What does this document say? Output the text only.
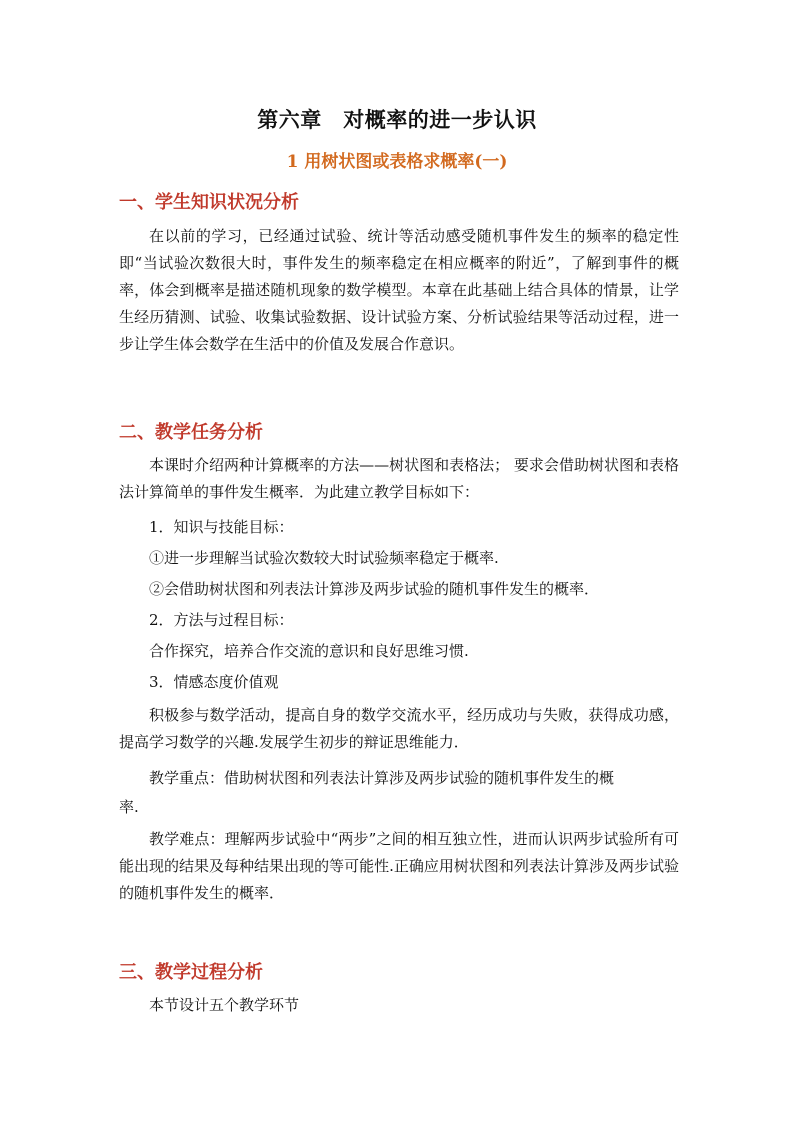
第六章　对概率的进一步认识
1 用树状图或表格求概率(一)
一、学生知识状况分析
在以前的学习，已经通过试验、统计等活动感受随机事件发生的频率的稳定性即“当试验次数很大时，事件发生的频率稳定在相应概率的附近”，了解到事件的概率，体会到概率是描述随机现象的数学模型。本章在此基础上结合具体的情景，让学生经历猜测、试验、收集试验数据、设计试验方案、分析试验结果等活动过程，进一步让学生体会数学在生活中的价值及发展合作意识。
二、教学任务分析
本课时介绍两种计算概率的方法——树状图和表格法； 要求会借助树状图和表格法计算简单的事件发生概率．为此建立教学目标如下：
1．知识与技能目标：
①进一步理解当试验次数较大时试验频率稳定于概率.
②会借助树状图和列表法计算涉及两步试验的随机事件发生的概率．
2．方法与过程目标：
合作探究，培养合作交流的意识和良好思维习惯.
3．情感态度价值观
积极参与数学活动，提高自身的数学交流水平，经历成功与失败，获得成功感，提高学习数学的兴趣.发展学生初步的辩证思维能力．
教学重点：借助树状图和列表法计算涉及两步试验的随机事件发生的概
率.
教学难点：理解两步试验中“两步”之间的相互独立性，进而认识两步试验所有可能出现的结果及每种结果出现的等可能性.正确应用树状图和列表法计算涉及两步试验的随机事件发生的概率．
三、教学过程分析
本节设计五个教学环节
